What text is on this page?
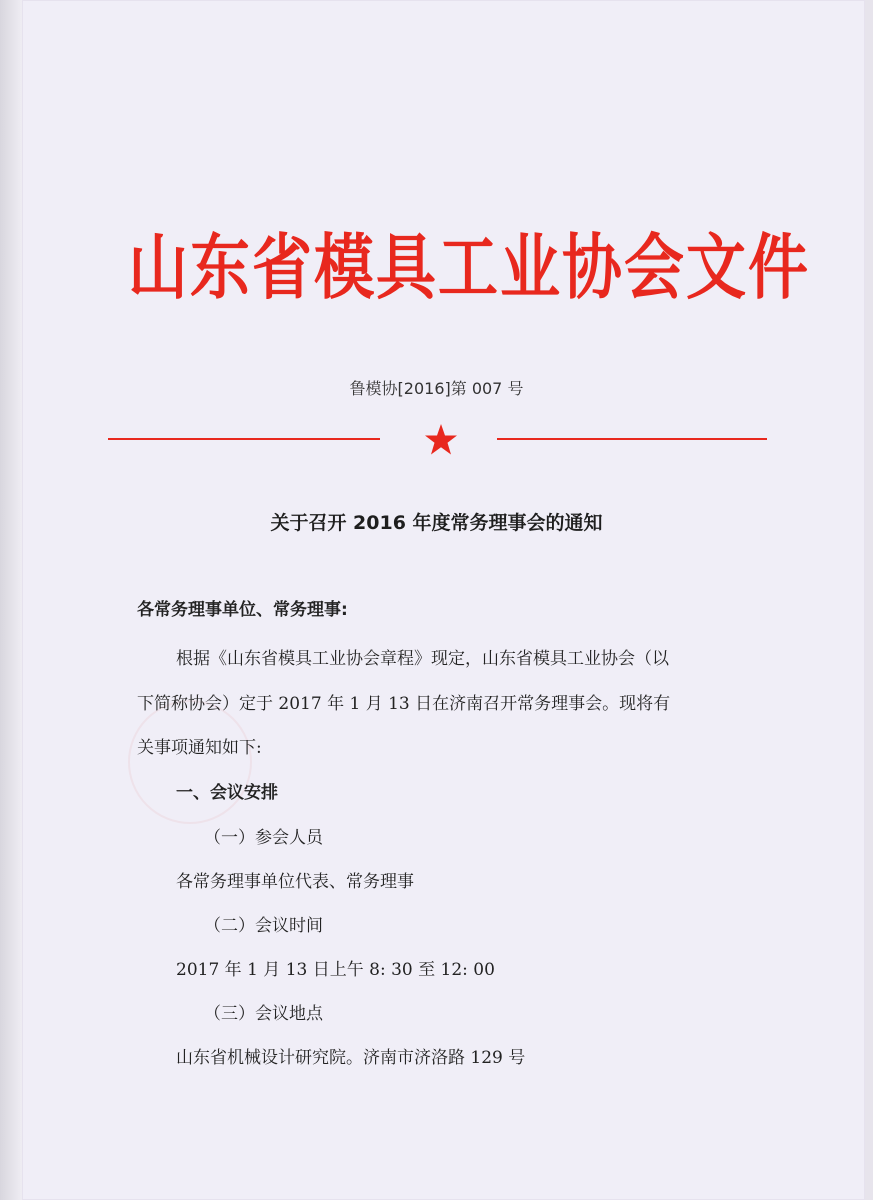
山东省模具工业协会文件
鲁模协[2016]第 007 号
关于召开 2016 年度常务理事会的通知
各常务理事单位、常务理事:
根据《山东省模具工业协会章程》现定，山东省模具工业协会（以
下简称协会）定于 2017 年 1 月 13 日在济南召开常务理事会。现将有
关事项通知如下:
一、会议安排
（一）参会人员
各常务理事单位代表、常务理事
（二）会议时间
2017 年 1 月 13 日上午 8: 30 至 12: 00
（三）会议地点
山东省机械设计研究院。济南市济洛路 129 号
